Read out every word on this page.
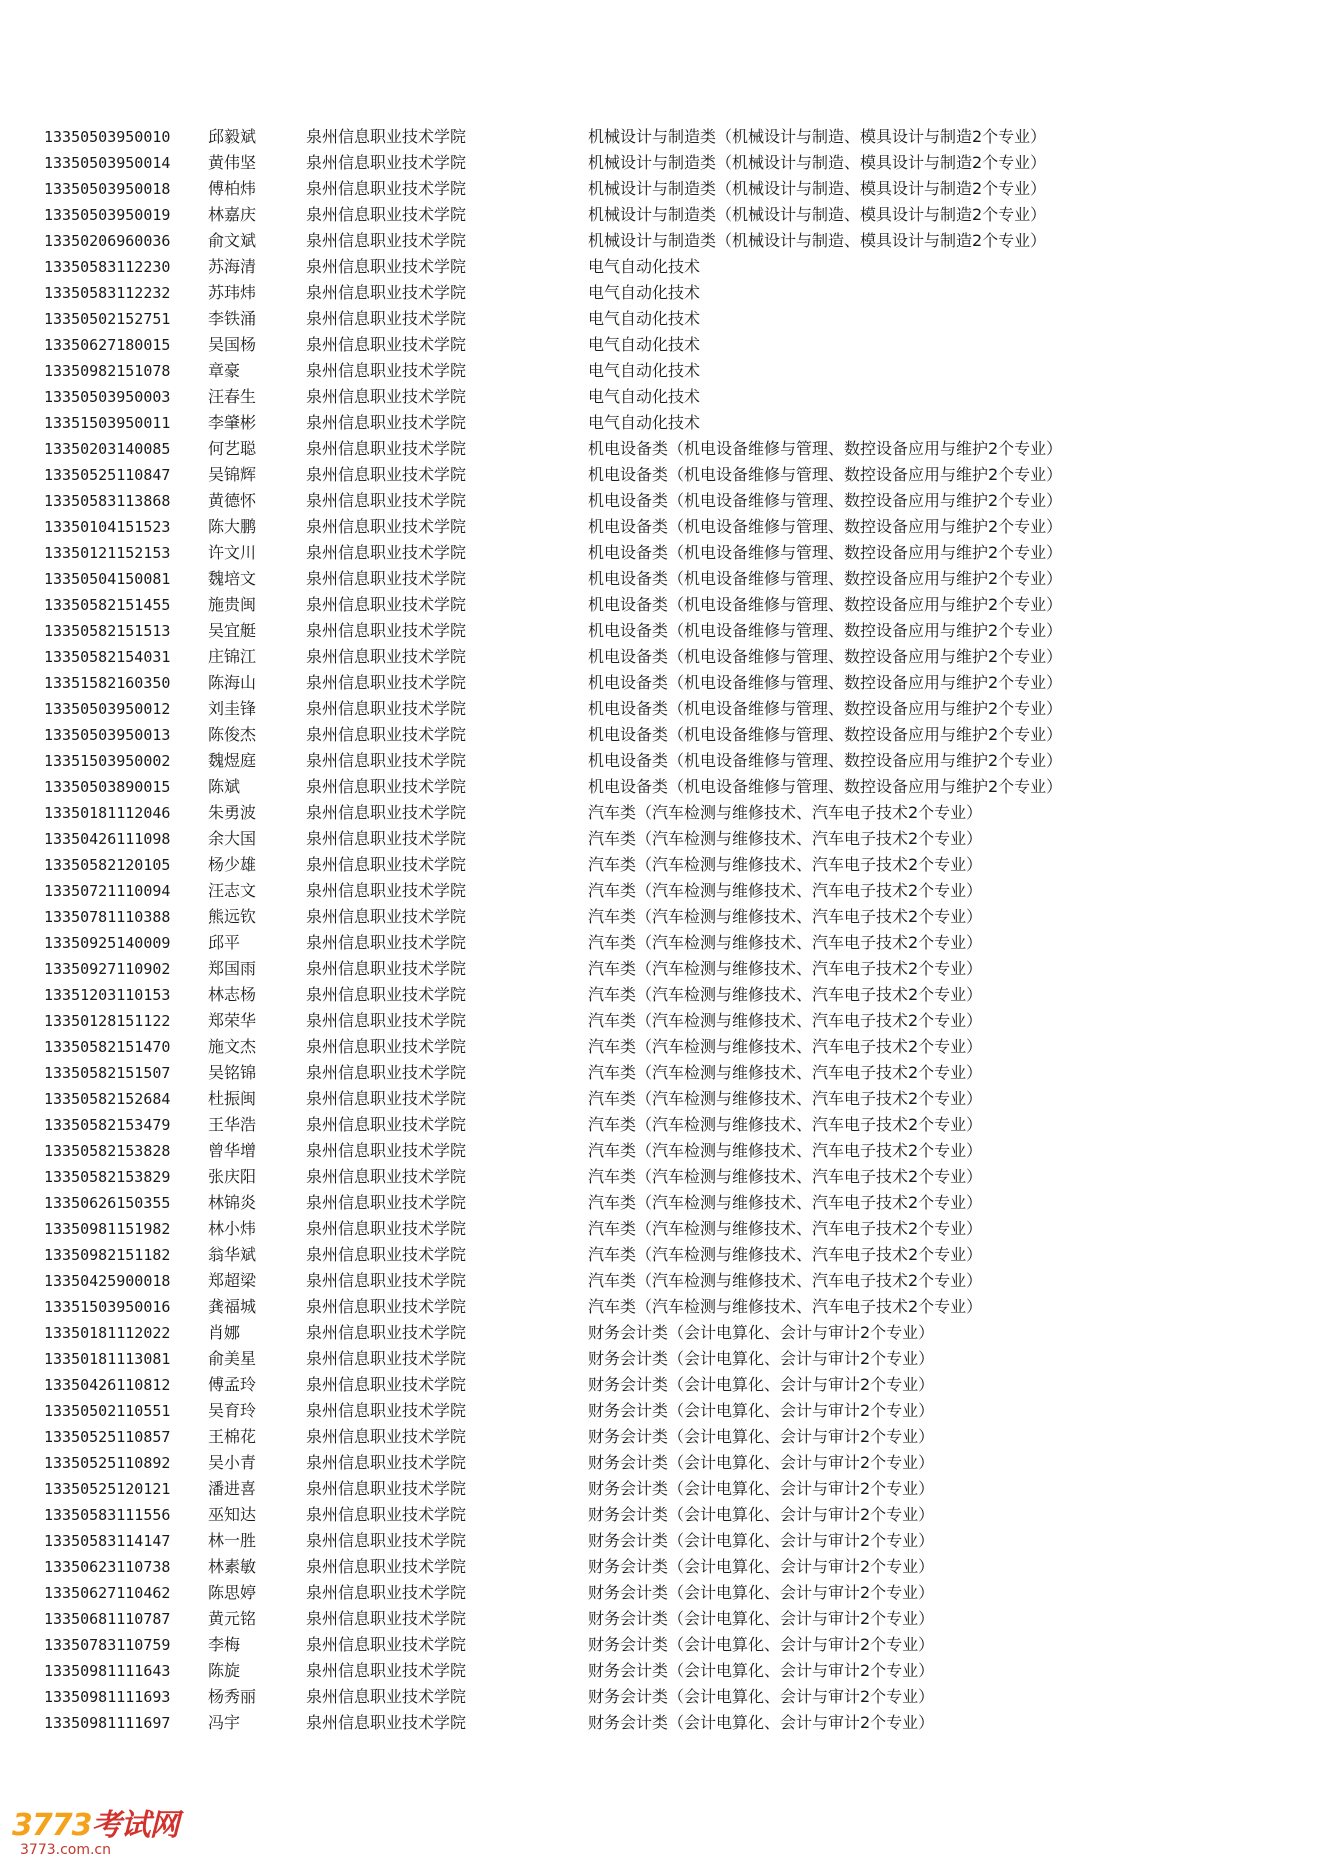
13350503950010 邱毅斌	泉州信息职业技术学院	机械设计与制造类（机械设计与制造、模具设计与制造2个专业）
13350503950014 黄伟坚	泉州信息职业技术学院	机械设计与制造类（机械设计与制造、模具设计与制造2个专业）
13350503950018 傅柏炜	泉州信息职业技术学院	机械设计与制造类（机械设计与制造、模具设计与制造2个专业）
13350503950019 林嘉庆	泉州信息职业技术学院	机械设计与制造类（机械设计与制造、模具设计与制造2个专业）
13350206960036 俞文斌	泉州信息职业技术学院	机械设计与制造类（机械设计与制造、模具设计与制造2个专业）
13350583112230 苏海清	泉州信息职业技术学院	电气自动化技术
13350583112232 苏玮炜	泉州信息职业技术学院	电气自动化技术
13350502152751 李铁涌	泉州信息职业技术学院	电气自动化技术
13350627180015 吴国杨	泉州信息职业技术学院	电气自动化技术
13350982151078 章豪	泉州信息职业技术学院	电气自动化技术
13350503950003 汪春生	泉州信息职业技术学院	电气自动化技术
13351503950011 李肇彬	泉州信息职业技术学院	电气自动化技术
13350203140085 何艺聪	泉州信息职业技术学院	机电设备类（机电设备维修与管理、数控设备应用与维护2个专业）
13350525110847 吴锦辉	泉州信息职业技术学院	机电设备类（机电设备维修与管理、数控设备应用与维护2个专业）
13350583113868 黄德怀	泉州信息职业技术学院	机电设备类（机电设备维修与管理、数控设备应用与维护2个专业）
13350104151523 陈大鹏	泉州信息职业技术学院	机电设备类（机电设备维修与管理、数控设备应用与维护2个专业）
13350121152153 许文川	泉州信息职业技术学院	机电设备类（机电设备维修与管理、数控设备应用与维护2个专业）
13350504150081 魏培文	泉州信息职业技术学院	机电设备类（机电设备维修与管理、数控设备应用与维护2个专业）
13350582151455 施贵闽	泉州信息职业技术学院	机电设备类（机电设备维修与管理、数控设备应用与维护2个专业）
13350582151513 吴宜艇	泉州信息职业技术学院	机电设备类（机电设备维修与管理、数控设备应用与维护2个专业）
13350582154031 庄锦江	泉州信息职业技术学院	机电设备类（机电设备维修与管理、数控设备应用与维护2个专业）
13351582160350 陈海山	泉州信息职业技术学院	机电设备类（机电设备维修与管理、数控设备应用与维护2个专业）
13350503950012 刘圭锋	泉州信息职业技术学院	机电设备类（机电设备维修与管理、数控设备应用与维护2个专业）
13350503950013 陈俊杰	泉州信息职业技术学院	机电设备类（机电设备维修与管理、数控设备应用与维护2个专业）
13351503950002 魏煜庭	泉州信息职业技术学院	机电设备类（机电设备维修与管理、数控设备应用与维护2个专业）
13350503890015 陈斌	泉州信息职业技术学院	机电设备类（机电设备维修与管理、数控设备应用与维护2个专业）
13350181112046 朱勇波	泉州信息职业技术学院	汽车类（汽车检测与维修技术、汽车电子技术2个专业）
13350426111098 余大国	泉州信息职业技术学院	汽车类（汽车检测与维修技术、汽车电子技术2个专业）
13350582120105 杨少雄	泉州信息职业技术学院	汽车类（汽车检测与维修技术、汽车电子技术2个专业）
13350721110094 汪志文	泉州信息职业技术学院	汽车类（汽车检测与维修技术、汽车电子技术2个专业）
13350781110388 熊远钦	泉州信息职业技术学院	汽车类（汽车检测与维修技术、汽车电子技术2个专业）
13350925140009 邱平	泉州信息职业技术学院	汽车类（汽车检测与维修技术、汽车电子技术2个专业）
13350927110902 郑国雨	泉州信息职业技术学院	汽车类（汽车检测与维修技术、汽车电子技术2个专业）
13351203110153 林志杨	泉州信息职业技术学院	汽车类（汽车检测与维修技术、汽车电子技术2个专业）
13350128151122 郑荣华	泉州信息职业技术学院	汽车类（汽车检测与维修技术、汽车电子技术2个专业）
13350582151470 施文杰	泉州信息职业技术学院	汽车类（汽车检测与维修技术、汽车电子技术2个专业）
13350582151507 吴铭锦	泉州信息职业技术学院	汽车类（汽车检测与维修技术、汽车电子技术2个专业）
13350582152684 杜振闽	泉州信息职业技术学院	汽车类（汽车检测与维修技术、汽车电子技术2个专业）
13350582153479 王华浩	泉州信息职业技术学院	汽车类（汽车检测与维修技术、汽车电子技术2个专业）
13350582153828 曾华增	泉州信息职业技术学院	汽车类（汽车检测与维修技术、汽车电子技术2个专业）
13350582153829 张庆阳	泉州信息职业技术学院	汽车类（汽车检测与维修技术、汽车电子技术2个专业）
13350626150355 林锦炎	泉州信息职业技术学院	汽车类（汽车检测与维修技术、汽车电子技术2个专业）
13350981151982 林小炜	泉州信息职业技术学院	汽车类（汽车检测与维修技术、汽车电子技术2个专业）
13350982151182 翁华斌	泉州信息职业技术学院	汽车类（汽车检测与维修技术、汽车电子技术2个专业）
13350425900018 郑超梁	泉州信息职业技术学院	汽车类（汽车检测与维修技术、汽车电子技术2个专业）
13351503950016 龚福城	泉州信息职业技术学院	汽车类（汽车检测与维修技术、汽车电子技术2个专业）
13350181112022 肖娜	泉州信息职业技术学院	财务会计类（会计电算化、会计与审计2个专业）
13350181113081 俞美星	泉州信息职业技术学院	财务会计类（会计电算化、会计与审计2个专业）
13350426110812 傅孟玲	泉州信息职业技术学院	财务会计类（会计电算化、会计与审计2个专业）
13350502110551 吴育玲	泉州信息职业技术学院	财务会计类（会计电算化、会计与审计2个专业）
13350525110857 王棉花	泉州信息职业技术学院	财务会计类（会计电算化、会计与审计2个专业）
13350525110892 吴小青	泉州信息职业技术学院	财务会计类（会计电算化、会计与审计2个专业）
13350525120121 潘进喜	泉州信息职业技术学院	财务会计类（会计电算化、会计与审计2个专业）
13350583111556 巫知达	泉州信息职业技术学院	财务会计类（会计电算化、会计与审计2个专业）
13350583114147 林一胜	泉州信息职业技术学院	财务会计类（会计电算化、会计与审计2个专业）
13350623110738 林素敏	泉州信息职业技术学院	财务会计类（会计电算化、会计与审计2个专业）
13350627110462 陈思婷	泉州信息职业技术学院	财务会计类（会计电算化、会计与审计2个专业）
13350681110787 黄元铭	泉州信息职业技术学院	财务会计类（会计电算化、会计与审计2个专业）
13350783110759 李梅	泉州信息职业技术学院	财务会计类（会计电算化、会计与审计2个专业）
13350981111643 陈旋	泉州信息职业技术学院	财务会计类（会计电算化、会计与审计2个专业）
13350981111693 杨秀丽	泉州信息职业技术学院	财务会计类（会计电算化、会计与审计2个专业）
13350981111697 冯宇	泉州信息职业技术学院	财务会计类（会计电算化、会计与审计2个专业）
3773考试网
3773.com.cn
